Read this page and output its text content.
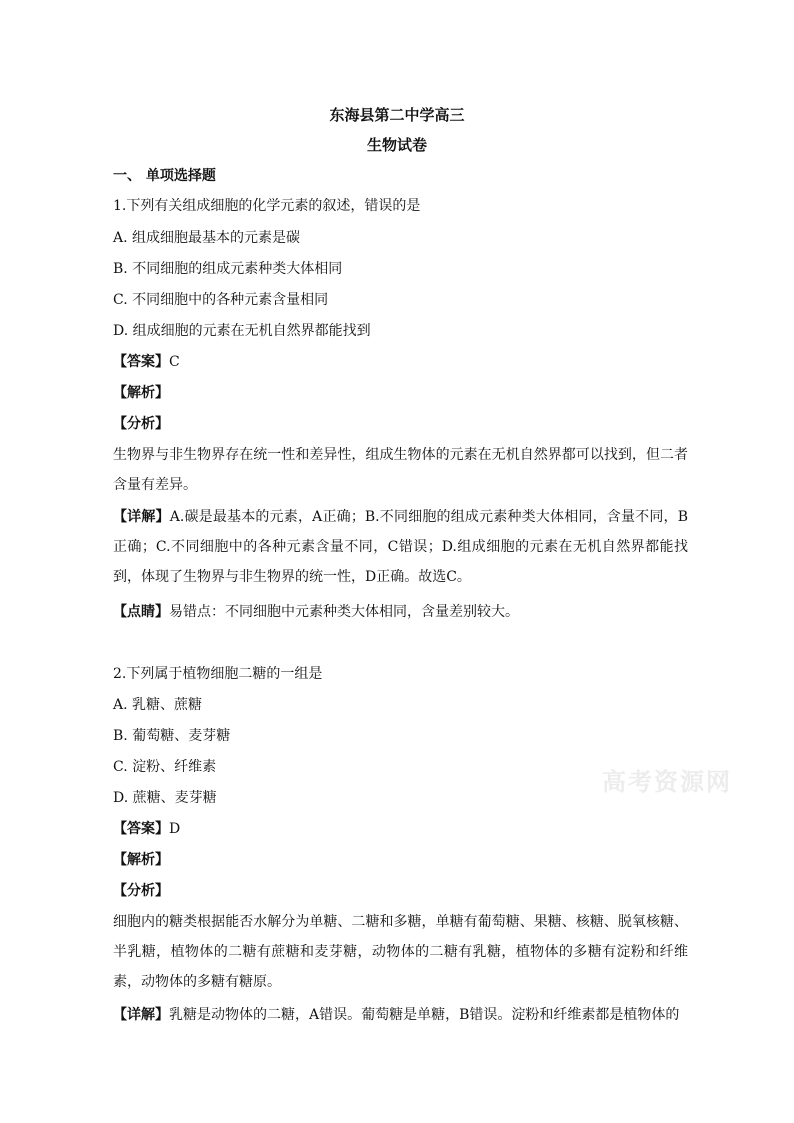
东海县第二中学高三
生物试卷
一、 单项选择题
1.下列有关组成细胞的化学元素的叙述，错误的是
A. 组成细胞最基本的元素是碳
B. 不同细胞的组成元素种类大体相同
C. 不同细胞中的各种元素含量相同
D. 组成细胞的元素在无机自然界都能找到
【答案】C
【解析】
【分析】
生物界与非生物界存在统一性和差异性，组成生物体的元素在无机自然界都可以找到，但二者含量有差异。
【详解】A.碳是最基本的元素，A正确；B.不同细胞的组成元素种类大体相同，含量不同，B正确；C.不同细胞中的各种元素含量不同，C错误；D.组成细胞的元素在无机自然界都能找到，体现了生物界与非生物界的统一性，D正确。故选C。
【点睛】易错点：不同细胞中元素种类大体相同，含量差别较大。
2.下列属于植物细胞二糖的一组是
A. 乳糖、蔗糖
B. 葡萄糖、麦芽糖
C. 淀粉、纤维素
D. 蔗糖、麦芽糖
【答案】D
【解析】
【分析】
细胞内的糖类根据能否水解分为单糖、二糖和多糖，单糖有葡萄糖、果糖、核糖、脱氧核糖、半乳糖，植物体的二糖有蔗糖和麦芽糖，动物体的二糖有乳糖，植物体的多糖有淀粉和纤维素，动物体的多糖有糖原。
【详解】乳糖是动物体的二糖，A错误。葡萄糖是单糖，B错误。淀粉和纤维素都是植物体的
高考资源网
